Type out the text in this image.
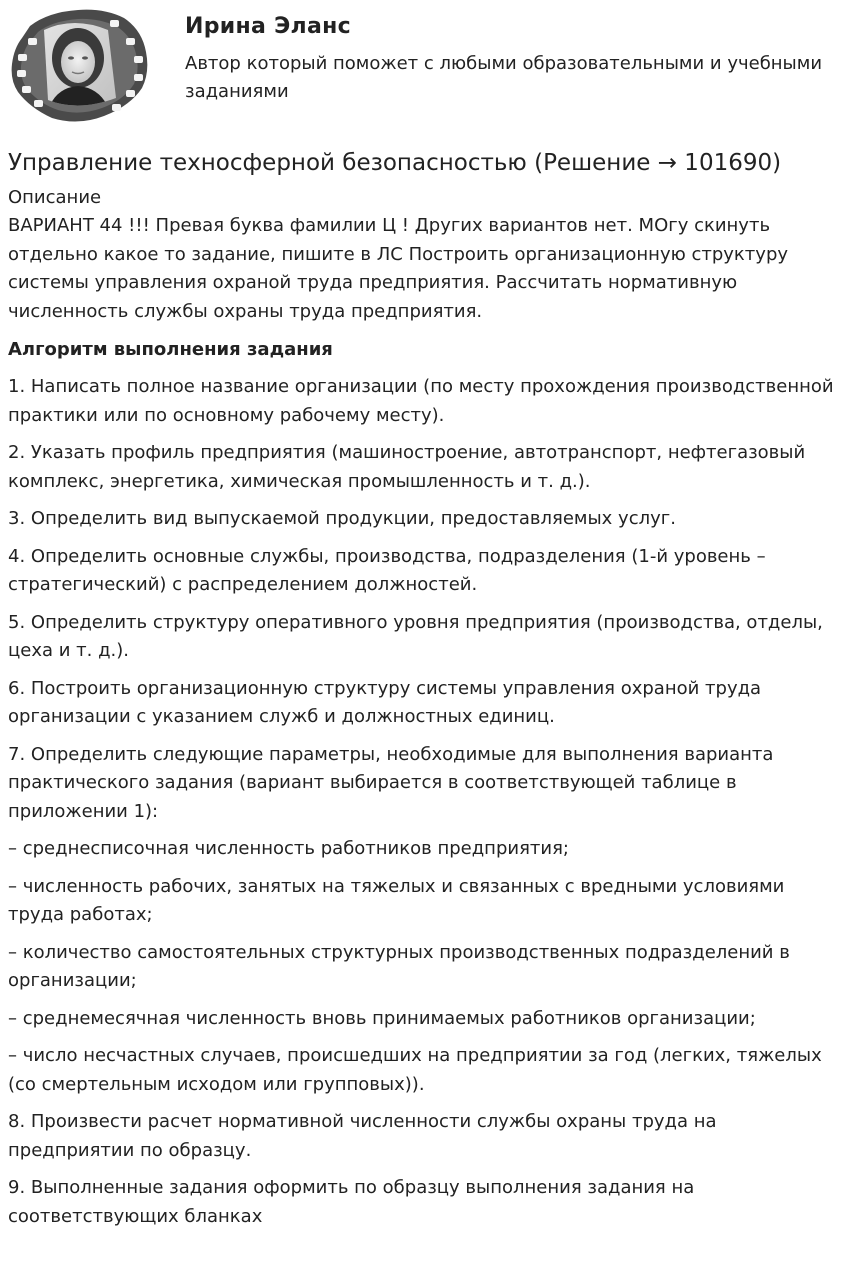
Ирина Эланс

Автор который поможет с любыми образовательными и учебными заданиями

Управление техносферной безопасностью (Решение → 101690)
Описание

ВАРИАНТ 44 !!! Превая буква фамилии Ц ! Других вариантов нет. МОгу скинуть отдельно какое то задание, пишите в ЛС Построить организационную структуру системы управления охраной труда предприятия. Рассчитать нормативную численность службы охраны труда предприятия.

Алгоритм выполнения задания
1. Написать полное название организации (по месту прохождения производственной практики или по основному рабочему месту).
2. Указать профиль предприятия (машиностроение, автотранспорт, нефтегазовый комплекс, энергетика, химическая промышленность и т. д.).
3. Определить вид выпускаемой продукции, предоставляемых услуг.
4. Определить основные службы, производства, подразделения (1-й уровень – стратегический) с распределением должностей.
5. Определить структуру оперативного уровня предприятия (производства, отделы, цеха и т. д.).
6. Построить организационную структуру системы управления охраной труда организации с указанием служб и должностных единиц.
7. Определить следующие параметры, необходимые для выполнения варианта практического задания (вариант выбирается в соответствующей таблице в приложении 1):
– среднесписочная численность работников предприятия;
– численность рабочих, занятых на тяжелых и связанных с вредными условиями труда работах;
– количество самостоятельных структурных производственных подразделений в организации;
– среднемесячная численность вновь принимаемых работников организации;
– число несчастных случаев, происшедших на предприятии за год (легких, тяжелых (со смертельным исходом или групповых)).
8. Произвести расчет нормативной численности службы охраны труда на предприятии по образцу.
9. Выполненные задания оформить по образцу выполнения задания на соответствующих бланках
